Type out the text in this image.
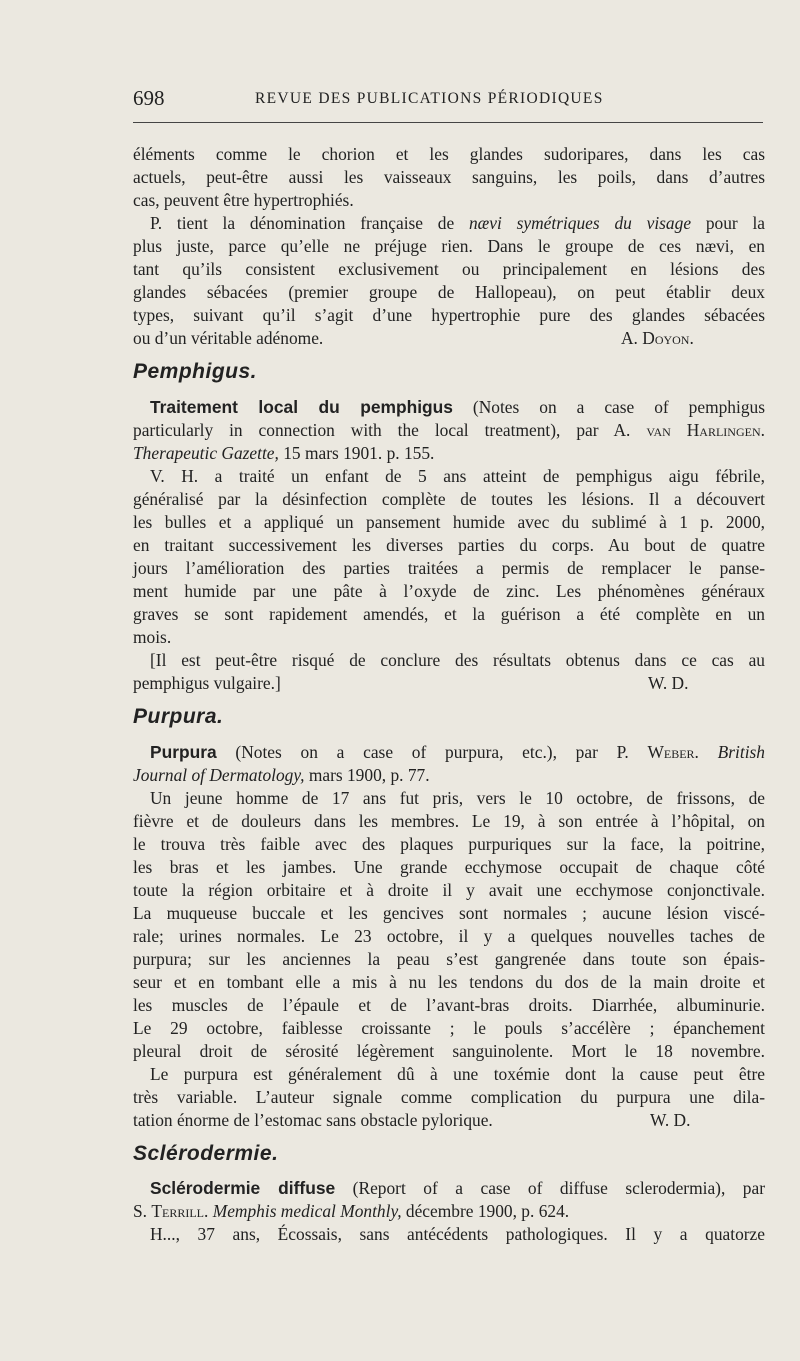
698	REVUE DES PUBLICATIONS PÉRIODIQUES
éléments comme le chorion et les glandes sudoripares, dans les cas
actuels, peut-être aussi les vaisseaux sanguins, les poils, dans d’autres
cas, peuvent être hypertrophiés.
P. tient la dénomination française de nævi symétriques du visage pour la
plus juste, parce qu’elle ne préjuge rien. Dans le groupe de ces nævi, en
tant qu’ils consistent exclusivement ou principalement en lésions des
glandes sébacées (premier groupe de Hallopeau), on peut établir deux
types, suivant qu’il s’agit d’une hypertrophie pure des glandes sébacées
ou d’un véritable adénome.	A. Doyon.
Pemphigus.
Traitement local du pemphigus (Notes on a case of pemphigus
particularly in connection with the local treatment), par A. van Harlingen.
Therapeutic Gazette, 15 mars 1901. p. 155.
V. H. a traité un enfant de 5 ans atteint de pemphigus aigu fébrile,
généralisé par la désinfection complète de toutes les lésions. Il a découvert
les bulles et a appliqué un pansement humide avec du sublimé à 1 p. 2000,
en traitant successivement les diverses parties du corps. Au bout de quatre
jours l’amélioration des parties traitées a permis de remplacer le panse-
ment humide par une pâte à l’oxyde de zinc. Les phénomènes généraux
graves se sont rapidement amendés, et la guérison a été complète en un
mois.
[Il est peut-être risqué de conclure des résultats obtenus dans ce cas au
pemphigus vulgaire.]	W. D.
Purpura.
Purpura (Notes on a case of purpura, etc.), par P. Weber. British
Journal of Dermatology, mars 1900, p. 77.
Un jeune homme de 17 ans fut pris, vers le 10 octobre, de frissons, de
fièvre et de douleurs dans les membres. Le 19, à son entrée à l’hôpital, on
le trouva très faible avec des plaques purpuriques sur la face, la poitrine,
les bras et les jambes. Une grande ecchymose occupait de chaque côté
toute la région orbitaire et à droite il y avait une ecchymose conjonctivale.
La muqueuse buccale et les gencives sont normales ; aucune lésion viscé-
rale; urines normales. Le 23 octobre, il y a quelques nouvelles taches de
purpura; sur les anciennes la peau s’est gangrenée dans toute son épais-
seur et en tombant elle a mis à nu les tendons du dos de la main droite et
les muscles de l’épaule et de l’avant-bras droits. Diarrhée, albuminurie.
Le 29 octobre, faiblesse croissante ; le pouls s’accélère ; épanchement
pleural droit de sérosité légèrement sanguinolente. Mort le 18 novembre.
Le purpura est généralement dû à une toxémie dont la cause peut être
très variable. L’auteur signale comme complication du purpura une dila-
tation énorme de l’estomac sans obstacle pylorique.	W. D.
Sclérodermie.
Sclérodermie diffuse (Report of a case of diffuse sclerodermia), par
S. Terrill. Memphis medical Monthly, décembre 1900, p. 624.
H..., 37 ans, Écossais, sans antécédents pathologiques. Il y a quatorze
